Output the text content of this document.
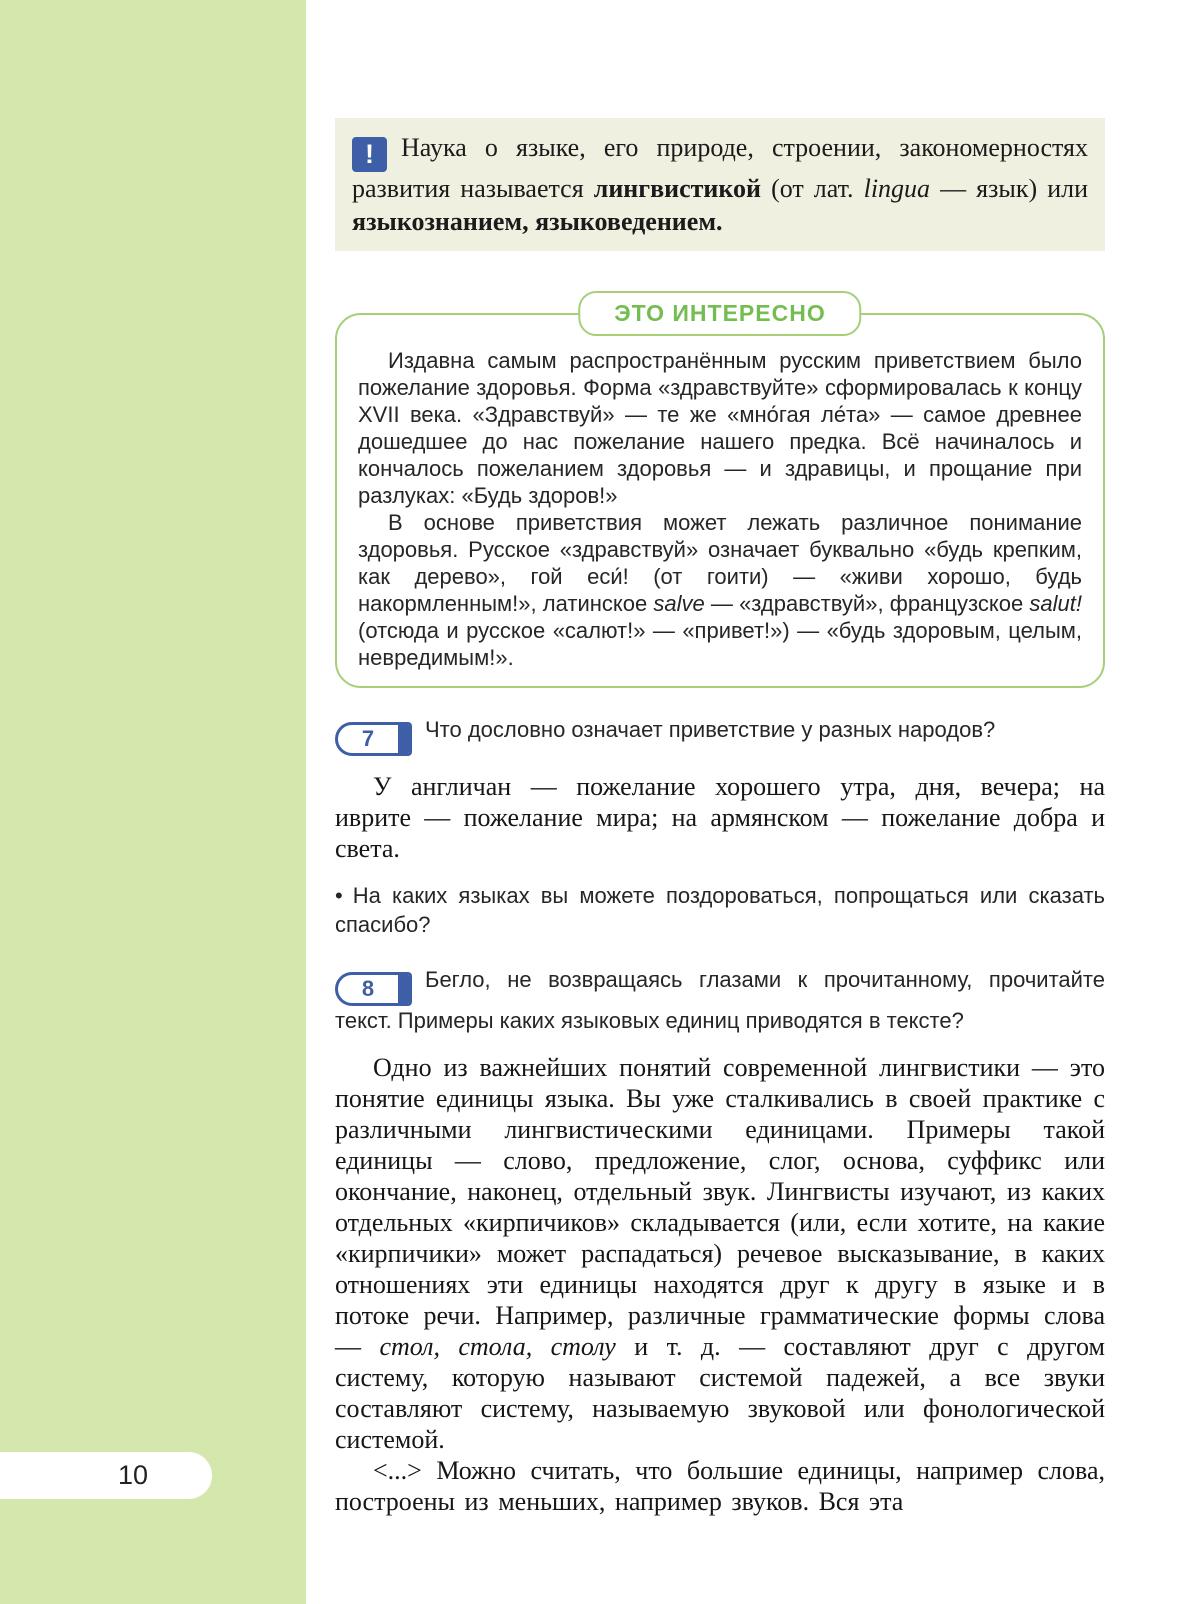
10
! Наука о языке, его природе, строении, закономерностях развития называется лингвистикой (от лат. lingua — язык) или языкознанием, языковедением.
ЭТО ИНТЕРЕСНО

Издавна самым распространённым русским приветствием было пожелание здоровья. Форма «здравствуйте» сформировалась к концу XVII века. «Здравствуй» — те же «мно́гая ле́та» — самое древнее дошедшее до нас пожелание нашего предка. Всё начиналось и кончалось пожеланием здоровья — и здравицы, и прощание при разлуках: «Будь здоров!»

В основе приветствия может лежать различное понимание здоровья. Русское «здравствуй» означает буквально «будь крепким, как дерево», гой еси́! (от гоити) — «живи хорошо, будь накормленным!», латинское salve — «здравствуй», французское salut! (отсюда и русское «салют!» — «привет!») — «будь здоровым, целым, невредимым!».

7	Что дословно означает приветствие у разных народов?

У англичан — пожелание хорошего утра, дня, вечера; на иврите — пожелание мира; на армянском — пожелание добра и света.

• На каких языках вы можете поздороваться, попрощаться или сказать спасибо?

8	Бегло, не возвращаясь глазами к прочитанному, прочитайте текст. Примеры каких языковых единиц приводятся в тексте?

Одно из важнейших понятий современной лингвистики — это понятие единицы языка. Вы уже сталкивались в своей практике с различными лингвистическими единицами. Примеры такой единицы — слово, предложение, слог, основа, суффикс или окончание, наконец, отдельный звук. Лингвисты изучают, из каких отдельных «кирпичиков» складывается (или, если хотите, на какие «кирпичики» может распадаться) речевое высказывание, в каких отношениях эти единицы находятся друг к другу в языке и в потоке речи. Например, различные грамматические формы слова — стол, стола, столу и т. д. — составляют друг с другом систему, которую называют системой падежей, а все звуки составляют систему, называемую звуковой или фонологической системой.

<...> Можно считать, что большие единицы, например слова, построены из меньших, например звуков. Вся эта
